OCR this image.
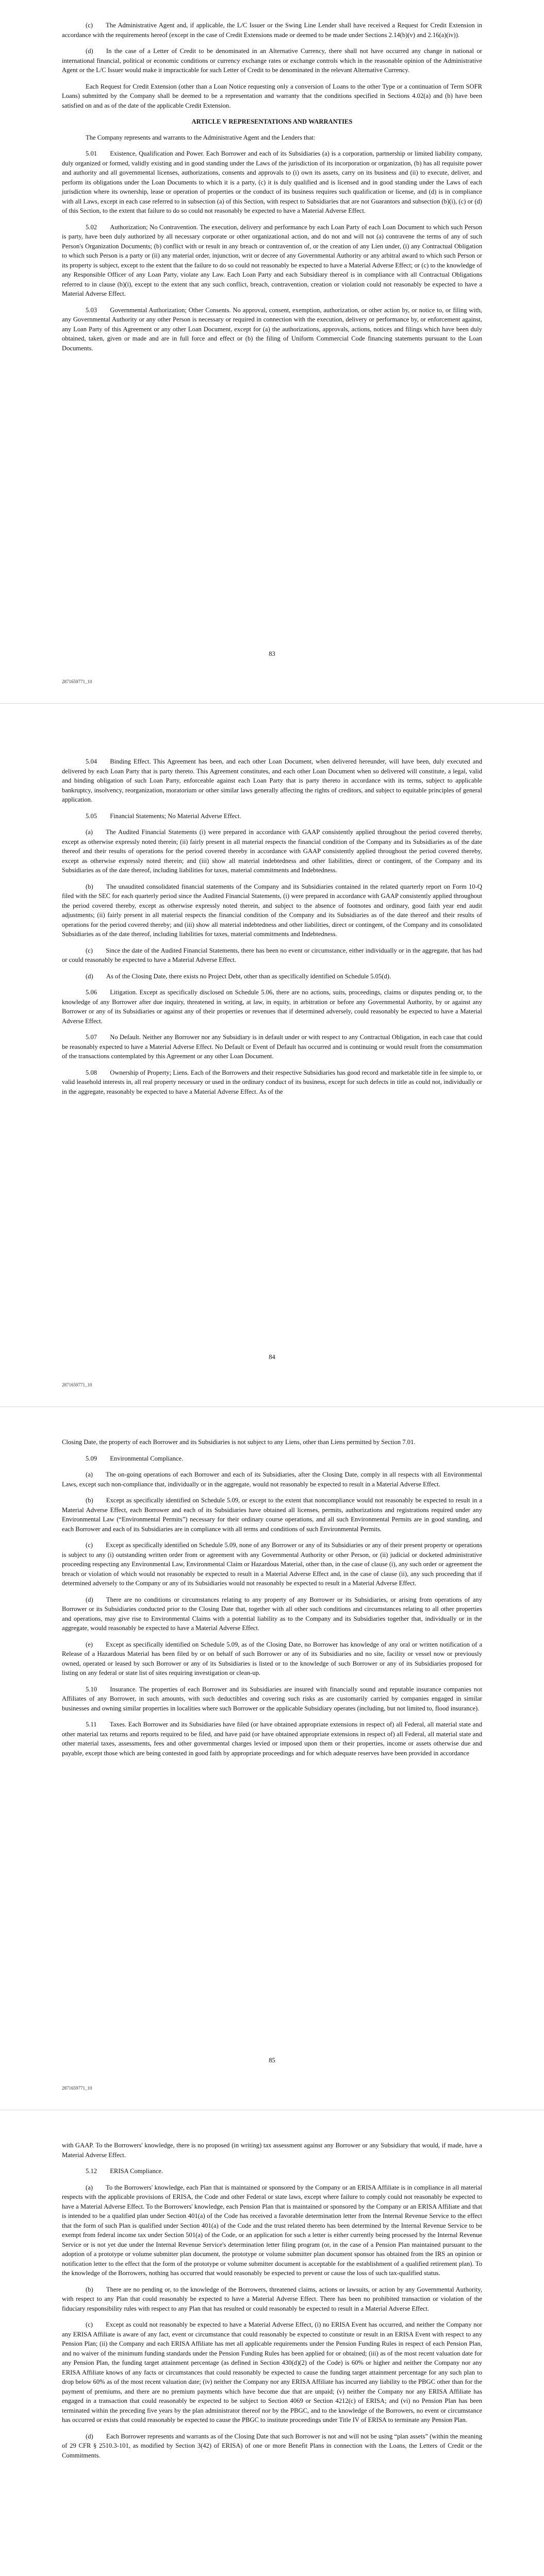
(c)  The Administrative Agent and, if applicable, the L/C Issuer or the Swing Line Lender shall have received a Request for Credit Extension in accordance with the requirements hereof (except in the case of Credit Extensions made or deemed to be made under Sections 2.14(b)(v) and 2.16(a)(iv)).

(d)  In the case of a Letter of Credit to be denominated in an Alternative Currency, there shall not have occurred any change in national or international financial, political or economic conditions or currency exchange rates or exchange controls which in the reasonable opinion of the Administrative Agent or the L/C Issuer would make it impracticable for such Letter of Credit to be denominated in the relevant Alternative Currency.

Each Request for Credit Extension (other than a Loan Notice requesting only a conversion of Loans to the other Type or a continuation of Term SOFR Loans) submitted by the Company shall be deemed to be a representation and warranty that the conditions specified in Sections 4.02(a) and (b) have been satisfied on and as of the date of the applicable Credit Extension.

ARTICLE V REPRESENTATIONS AND WARRANTIES

The Company represents and warrants to the Administrative Agent and the Lenders that:

5.01  Existence, Qualification and Power. Each Borrower and each of its Subsidiaries (a) is a corporation, partnership or limited liability company, duly organized or formed, validly existing and in good standing under the Laws of the jurisdiction of its incorporation or organization, (b) has all requisite power and authority and all governmental licenses, authorizations, consents and approvals to (i) own its assets, carry on its business and (ii) to execute, deliver, and perform its obligations under the Loan Documents to which it is a party, (c) it is duly qualified and is licensed and in good standing under the Laws of each jurisdiction where its ownership, lease or operation of properties or the conduct of its business requires such qualification or license, and (d) is in compliance with all Laws, except in each case referred to in subsection (a) of this Section, with respect to Subsidiaries that are not Guarantors and subsection (b)(i), (c) or (d) of this Section, to the extent that failure to do so could not reasonably be expected to have a Material Adverse Effect.

5.02  Authorization; No Contravention. The execution, delivery and performance by each Loan Party of each Loan Document to which such Person is party, have been duly authorized by all necessary corporate or other organizational action, and do not and will not (a) contravene the terms of any of such Person's Organization Documents; (b) conflict with or result in any breach or contravention of, or the creation of any Lien under, (i) any Contractual Obligation to which such Person is a party or (ii) any material order, injunction, writ or decree of any Governmental Authority or any arbitral award to which such Person or its property is subject, except to the extent that the failure to do so could not reasonably be expected to have a Material Adverse Effect; or (c) to the knowledge of any Responsible Officer of any Loan Party, violate any Law. Each Loan Party and each Subsidiary thereof is in compliance with all Contractual Obligations referred to in clause (b)(i), except to the extent that any such conflict, breach, contravention, creation or violation could not reasonably be expected to have a Material Adverse Effect.

5.03  Governmental Authorization; Other Consents. No approval, consent, exemption, authorization, or other action by, or notice to, or filing with, any Governmental Authority or any other Person is necessary or required in connection with the execution, delivery or performance by, or enforcement against, any Loan Party of this Agreement or any other Loan Document, except for (a) the authorizations, approvals, actions, notices and filings which have been duly obtained, taken, given or made and are in full force and effect or (b) the filing of Uniform Commercial Code financing statements pursuant to the Loan Documents.

83
2871659771_10

5.04  Binding Effect. This Agreement has been, and each other Loan Document, when delivered hereunder, will have been, duly executed and delivered by each Loan Party that is party thereto. This Agreement constitutes, and each other Loan Document when so delivered will constitute, a legal, valid and binding obligation of such Loan Party, enforceable against each Loan Party that is party thereto in accordance with its terms, subject to applicable bankruptcy, insolvency, reorganization, moratorium or other similar laws generally affecting the rights of creditors, and subject to equitable principles of general application.

5.05  Financial Statements; No Material Adverse Effect.

(a)  The Audited Financial Statements (i) were prepared in accordance with GAAP consistently applied throughout the period covered thereby, except as otherwise expressly noted therein; (ii) fairly present in all material respects the financial condition of the Company and its Subsidiaries as of the date thereof and their results of operations for the period covered thereby in accordance with GAAP consistently applied throughout the period covered thereby, except as otherwise expressly noted therein; and (iii) show all material indebtedness and other liabilities, direct or contingent, of the Company and its Subsidiaries as of the date thereof, including liabilities for taxes, material commitments and Indebtedness.

(b)  The unaudited consolidated financial statements of the Company and its Subsidiaries contained in the related quarterly report on Form 10-Q filed with the SEC for each quarterly period since the Audited Financial Statements, (i) were prepared in accordance with GAAP consistently applied throughout the period covered thereby, except as otherwise expressly noted therein, and subject to the absence of footnotes and ordinary, good faith year end audit adjustments; (ii) fairly present in all material respects the financial condition of the Company and its Subsidiaries as of the date thereof and their results of operations for the period covered thereby; and (iii) show all material indebtedness and other liabilities, direct or contingent, of the Company and its consolidated Subsidiaries as of the date thereof, including liabilities for taxes, material commitments and Indebtedness.

(c)  Since the date of the Audited Financial Statements, there has been no event or circumstance, either individually or in the aggregate, that has had or could reasonably be expected to have a Material Adverse Effect.

(d)  As of the Closing Date, there exists no Project Debt, other than as specifically identified on Schedule 5.05(d).

5.06  Litigation. Except as specifically disclosed on Schedule 5.06, there are no actions, suits, proceedings, claims or disputes pending or, to the knowledge of any Borrower after due inquiry, threatened in writing, at law, in equity, in arbitration or before any Governmental Authority, by or against any Borrower or any of its Subsidiaries or against any of their properties or revenues that if determined adversely, could reasonably be expected to have a Material Adverse Effect.

5.07  No Default. Neither any Borrower nor any Subsidiary is in default under or with respect to any Contractual Obligation, in each case that could be reasonably expected to have a Material Adverse Effect. No Default or Event of Default has occurred and is continuing or would result from the consummation of the transactions contemplated by this Agreement or any other Loan Document.

5.08  Ownership of Property; Liens. Each of the Borrowers and their respective Subsidiaries has good record and marketable title in fee simple to, or valid leasehold interests in, all real property necessary or used in the ordinary conduct of its business, except for such defects in title as could not, individually or in the aggregate, reasonably be expected to have a Material Adverse Effect. As of the

84
2871659771_10

Closing Date, the property of each Borrower and its Subsidiaries is not subject to any Liens, other than Liens permitted by Section 7.01.

5.09  Environmental Compliance.

(a)  The on-going operations of each Borrower and each of its Subsidiaries, after the Closing Date, comply in all respects with all Environmental Laws, except such non-compliance that, individually or in the aggregate, would not reasonably be expected to result in a Material Adverse Effect.

(b)  Except as specifically identified on Schedule 5.09, or except to the extent that noncompliance would not reasonably be expected to result in a Material Adverse Effect, each Borrower and each of its Subsidiaries have obtained all licenses, permits, authorizations and registrations required under any Environmental Law (“Environmental Permits”) necessary for their ordinary course operations, and all such Environmental Permits are in good standing, and each Borrower and each of its Subsidiaries are in compliance with all terms and conditions of such Environmental Permits.

(c)  Except as specifically identified on Schedule 5.09, none of any Borrower or any of its Subsidiaries or any of their present property or operations is subject to any (i) outstanding written order from or agreement with any Governmental Authority or other Person, or (ii) judicial or docketed administrative proceeding respecting any Environmental Law, Environmental Claim or Hazardous Material, other than, in the case of clause (i), any such order or agreement the breach or violation of which would not reasonably be expected to result in a Material Adverse Effect and, in the case of clause (ii), any such proceeding that if determined adversely to the Company or any of its Subsidiaries would not reasonably be expected to result in a Material Adverse Effect.

(d)  There are no conditions or circumstances relating to any property of any Borrower or its Subsidiaries, or arising from operations of any Borrower or its Subsidiaries conducted prior to the Closing Date that, together with all other such conditions and circumstances relating to all other properties and operations, may give rise to Environmental Claims with a potential liability as to the Company and its Subsidiaries together that, individually or in the aggregate, would reasonably be expected to have a Material Adverse Effect.

(e)  Except as specifically identified on Schedule 5.09, as of the Closing Date, no Borrower has knowledge of any oral or written notification of a Release of a Hazardous Material has been filed by or on behalf of such Borrower or any of its Subsidiaries and no site, facility or vessel now or previously owned, operated or leased by such Borrower or any of its Subsidiaries is listed or to the knowledge of such Borrower or any of its Subsidiaries proposed for listing on any federal or state list of sites requiring investigation or clean-up.

5.10  Insurance. The properties of each Borrower and its Subsidiaries are insured with financially sound and reputable insurance companies not Affiliates of any Borrower, in such amounts, with such deductibles and covering such risks as are customarily carried by companies engaged in similar businesses and owning similar properties in localities where such Borrower or the applicable Subsidiary operates (including, but not limited to, flood insurance).

5.11  Taxes. Each Borrower and its Subsidiaries have filed (or have obtained appropriate extensions in respect of) all Federal, all material state and other material tax returns and reports required to be filed, and have paid (or have obtained appropriate extensions in respect of) all Federal, all material state and other material taxes, assessments, fees and other governmental charges levied or imposed upon them or their properties, income or assets otherwise due and payable, except those which are being contested in good faith by appropriate proceedings and for which adequate reserves have been provided in accordance

85
2871659771_10

with GAAP. To the Borrowers' knowledge, there is no proposed (in writing) tax assessment against any Borrower or any Subsidiary that would, if made, have a Material Adverse Effect.

5.12  ERISA Compliance.

(a)  To the Borrowers' knowledge, each Plan that is maintained or sponsored by the Company or an ERISA Affiliate is in compliance in all material respects with the applicable provisions of ERISA, the Code and other Federal or state laws, except where failure to comply could not reasonably be expected to have a Material Adverse Effect. To the Borrowers' knowledge, each Pension Plan that is maintained or sponsored by the Company or an ERISA Affiliate and that is intended to be a qualified plan under Section 401(a) of the Code has received a favorable determination letter from the Internal Revenue Service to the effect that the form of such Plan is qualified under Section 401(a) of the Code and the trust related thereto has been determined by the Internal Revenue Service to be exempt from federal income tax under Section 501(a) of the Code, or an application for such a letter is either currently being processed by the Internal Revenue Service or is not yet due under the Internal Revenue Service's determination letter filing program (or, in the case of a Pension Plan maintained pursuant to the adoption of a prototype or volume submitter plan document, the prototype or volume submitter plan document sponsor has obtained from the IRS an opinion or notification letter to the effect that the form of the prototype or volume submitter document is acceptable for the establishment of a qualified retirement plan). To the knowledge of the Borrowers, nothing has occurred that would reasonably be expected to prevent or cause the loss of such tax-qualified status.

(b)  There are no pending or, to the knowledge of the Borrowers, threatened claims, actions or lawsuits, or action by any Governmental Authority, with respect to any Plan that could reasonably be expected to have a Material Adverse Effect. There has been no prohibited transaction or violation of the fiduciary responsibility rules with respect to any Plan that has resulted or could reasonably be expected to result in a Material Adverse Effect.

(c)  Except as could not reasonably be expected to have a Material Adverse Effect, (i) no ERISA Event has occurred, and neither the Company nor any ERISA Affiliate is aware of any fact, event or circumstance that could reasonably be expected to constitute or result in an ERISA Event with respect to any Pension Plan; (ii) the Company and each ERISA Affiliate has met all applicable requirements under the Pension Funding Rules in respect of each Pension Plan, and no waiver of the minimum funding standards under the Pension Funding Rules has been applied for or obtained; (iii) as of the most recent valuation date for any Pension Plan, the funding target attainment percentage (as defined in Section 430(d)(2) of the Code) is 60% or higher and neither the Company nor any ERISA Affiliate knows of any facts or circumstances that could reasonably be expected to cause the funding target attainment percentage for any such plan to drop below 60% as of the most recent valuation date; (iv) neither the Company nor any ERISA Affiliate has incurred any liability to the PBGC other than for the payment of premiums, and there are no premium payments which have become due that are unpaid; (v) neither the Company nor any ERISA Affiliate has engaged in a transaction that could reasonably be expected to be subject to Section 4069 or Section 4212(c) of ERISA; and (vi) no Pension Plan has been terminated within the preceding five years by the plan administrator thereof nor by the PBGC, and to the knowledge of the Borrowers, no event or circumstance has occurred or exists that could reasonably be expected to cause the PBGC to institute proceedings under Title IV of ERISA to terminate any Pension Plan.

(d)  Each Borrower represents and warrants as of the Closing Date that such Borrower is not and will not be using “plan assets” (within the meaning of 29 CFR § 2510.3-101, as modified by Section 3(42) of ERISA) of one or more Benefit Plans in connection with the Loans, the Letters of Credit or the Commitments.
